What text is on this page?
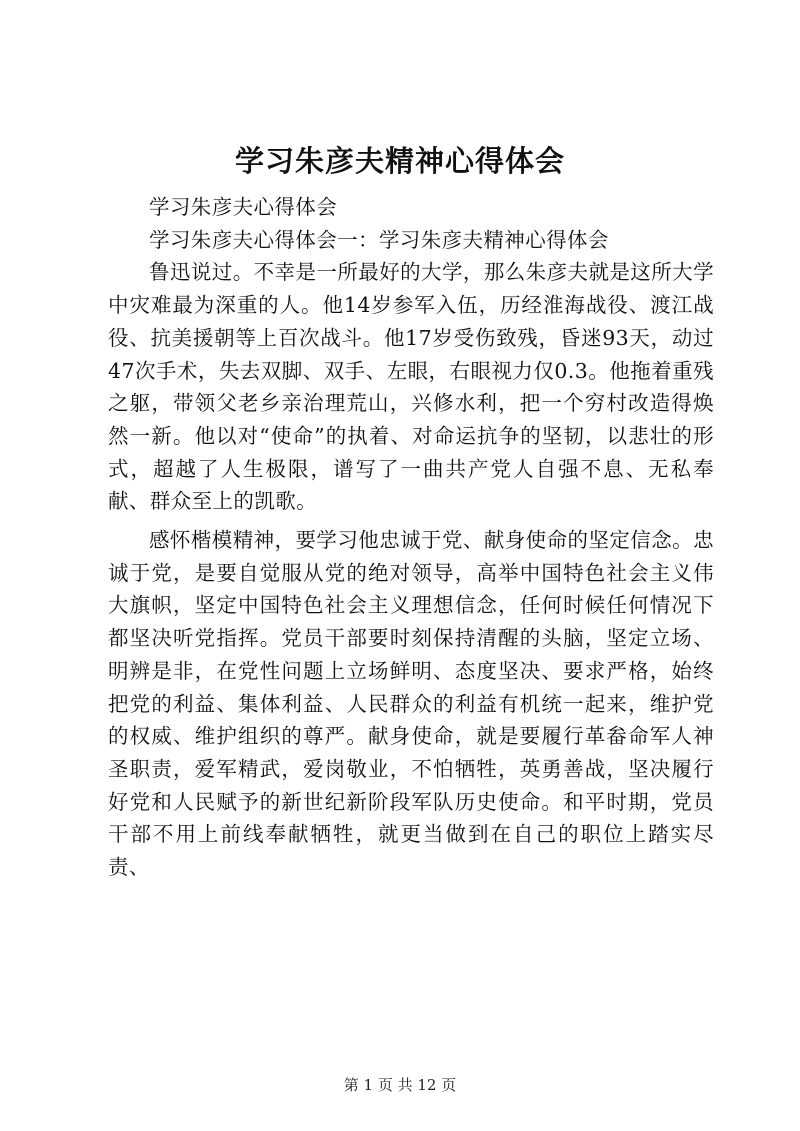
学习朱彦夫精神心得体会

学习朱彦夫心得体会

学习朱彦夫心得体会一：学习朱彦夫精神心得体会

鲁迅说过。不幸是一所最好的大学，那么朱彦夫就是这所大学中灾难最为深重的人。他14岁参军入伍，历经淮海战役、渡江战役、抗美援朝等上百次战斗。他17岁受伤致残，昏迷93天，动过47次手术，失去双脚、双手、左眼，右眼视力仅0.3。他拖着重残之躯，带领父老乡亲治理荒山，兴修水利，把一个穷村改造得焕然一新。他以对“使命”的执着、对命运抗争的坚韧，以悲壮的形式，超越了人生极限，谱写了一曲共产党人自强不息、无私奉献、群众至上的凯歌。

感怀楷模精神，要学习他忠诚于党、献身使命的坚定信念。忠诚于党，是要自觉服从党的绝对领导，高举中国特色社会主义伟大旗帜，坚定中国特色社会主义理想信念，任何时候任何情况下都坚决听党指挥。党员干部要时刻保持清醒的头脑，坚定立场、明辨是非，在党性问题上立场鲜明、态度坚决、要求严格，始终把党的利益、集体利益、人民群众的利益有机统一起来，维护党的权威、维护组织的尊严。献身使命，就是要履行革畚命军人神圣职责，爱军精武，爱岗敬业，不怕牺牲，英勇善战，坚决履行好党和人民赋予的新世纪新阶段军队历史使命。和平时期，党员干部不用上前线奉献牺牲，就更当做到在自己的职位上踏实尽责、

第 1 页 共 12 页
